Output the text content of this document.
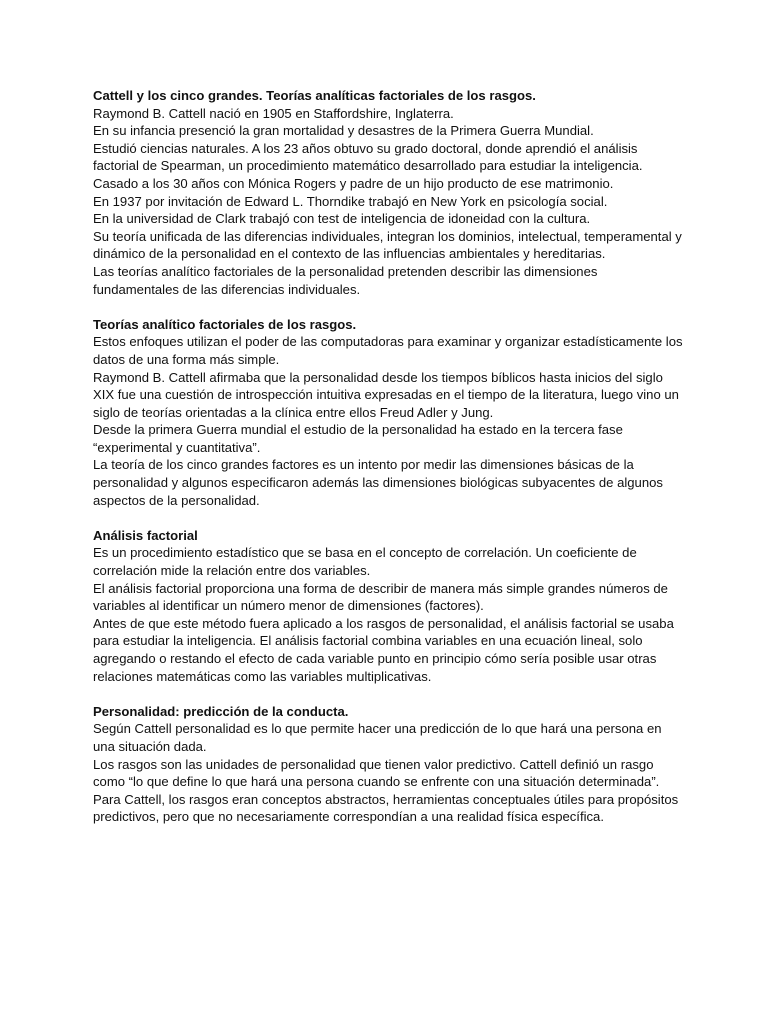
Cattell y los cinco grandes. Teorías analíticas factoriales de los rasgos.

Raymond B. Cattell nació en 1905 en Staffordshire, Inglaterra.

En su infancia presenció la gran mortalidad y desastres de la Primera Guerra Mundial.

Estudió ciencias naturales. A los 23 años obtuvo su grado doctoral, donde aprendió el análisis factorial de Spearman, un procedimiento matemático desarrollado para estudiar la inteligencia.

Casado a los 30 años con Mónica Rogers y padre de un hijo producto de ese matrimonio.

En 1937 por invitación de Edward L. Thorndike trabajó en New York en psicología social.

En la universidad de Clark trabajó con test de inteligencia de idoneidad con la cultura.

Su teoría unificada de las diferencias individuales, integran los dominios, intelectual, temperamental y dinámico de la personalidad en el contexto de las influencias ambientales y hereditarias.

Las teorías analítico factoriales de la personalidad pretenden describir las dimensiones fundamentales de las diferencias individuales.

Teorías analítico factoriales de los rasgos.

Estos enfoques utilizan el poder de las computadoras para examinar y organizar estadísticamente los datos de una forma más simple.

Raymond B. Cattell afirmaba que la personalidad desde los tiempos bíblicos hasta inicios del siglo XIX fue una cuestión de introspección intuitiva expresadas en el tiempo de la literatura, luego vino un siglo de teorías orientadas a la clínica entre ellos Freud Adler y Jung.

Desde la primera Guerra mundial el estudio de la personalidad ha estado en la tercera fase “experimental y cuantitativa”.

La teoría de los cinco grandes factores es un intento por medir las dimensiones básicas de la personalidad y algunos especificaron además las dimensiones biológicas subyacentes de algunos aspectos de la personalidad.

Análisis factorial

Es un procedimiento estadístico que se basa en el concepto de correlación. Un coeficiente de correlación mide la relación entre dos variables.

El análisis factorial proporciona una forma de describir de manera más simple grandes números de variables al identificar un número menor de dimensiones (factores).

Antes de que este método fuera aplicado a los rasgos de personalidad, el análisis factorial se usaba para estudiar la inteligencia. El análisis factorial combina variables en una ecuación lineal, solo agregando o restando el efecto de cada variable punto en principio cómo sería posible usar otras relaciones matemáticas como las variables multiplicativas.

Personalidad: predicción de la conducta.

Según Cattell personalidad es lo que permite hacer una predicción de lo que hará una persona en una situación dada.

Los rasgos son las unidades de personalidad que tienen valor predictivo. Cattell definió un rasgo como “lo que define lo que hará una persona cuando se enfrente con una situación determinada”. Para Cattell, los rasgos eran conceptos abstractos, herramientas conceptuales útiles para propósitos predictivos, pero que no necesariamente correspondían a una realidad física específica.
